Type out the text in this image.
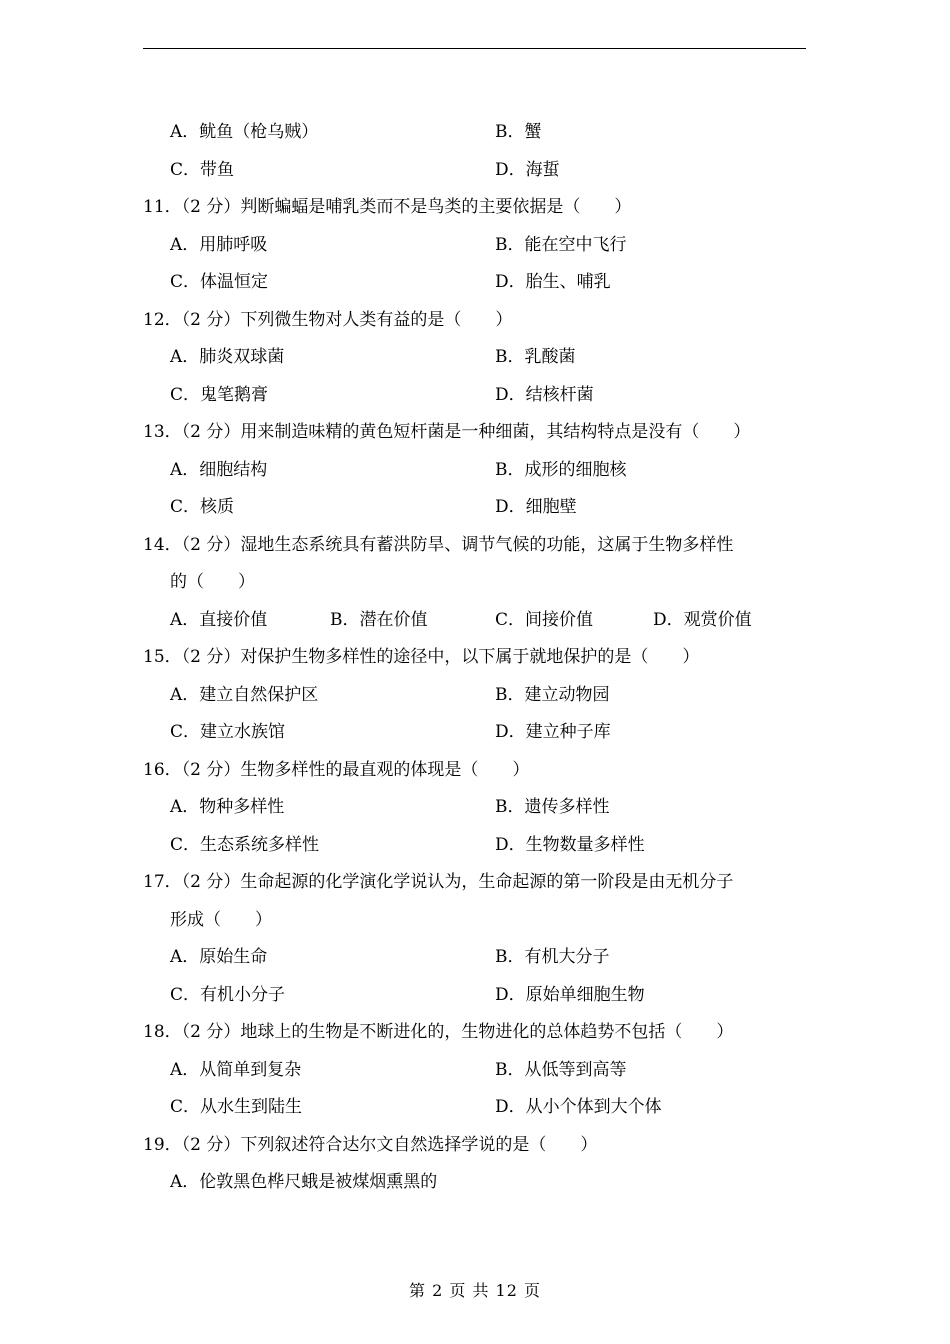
A．鱿鱼（枪乌贼）	B．蟹
C．带鱼	D．海蜇
11．（2 分）判断蝙蝠是哺乳类而不是鸟类的主要依据是（　　）
A．用肺呼吸	B．能在空中飞行
C．体温恒定	D．胎生、哺乳
12．（2 分）下列微生物对人类有益的是（　　）
A．肺炎双球菌	B．乳酸菌
C．鬼笔鹅膏	D．结核杆菌
13．（2 分）用来制造味精的黄色短杆菌是一种细菌，其结构特点是没有（　　）
A．细胞结构	B．成形的细胞核
C．核质	D．细胞壁
14．（2 分）湿地生态系统具有蓄洪防旱、调节气候的功能，这属于生物多样性
的（　　）
A．直接价值	B．潜在价值	C．间接价值	D．观赏价值
15．（2 分）对保护生物多样性的途径中，以下属于就地保护的是（　　）
A．建立自然保护区	B．建立动物园
C．建立水族馆	D．建立种子库
16．（2 分）生物多样性的最直观的体现是（　　）
A．物种多样性	B．遗传多样性
C．生态系统多样性	D．生物数量多样性
17．（2 分）生命起源的化学演化学说认为，生命起源的第一阶段是由无机分子
形成（　　）
A．原始生命	B．有机大分子
C．有机小分子	D．原始单细胞生物
18．（2 分）地球上的生物是不断进化的，生物进化的总体趋势不包括（　　）
A．从简单到复杂	B．从低等到高等
C．从水生到陆生	D．从小个体到大个体
19．（2 分）下列叙述符合达尔文自然选择学说的是（　　）
A．伦敦黑色桦尺蛾是被煤烟熏黑的
第 2 页 共 12 页
